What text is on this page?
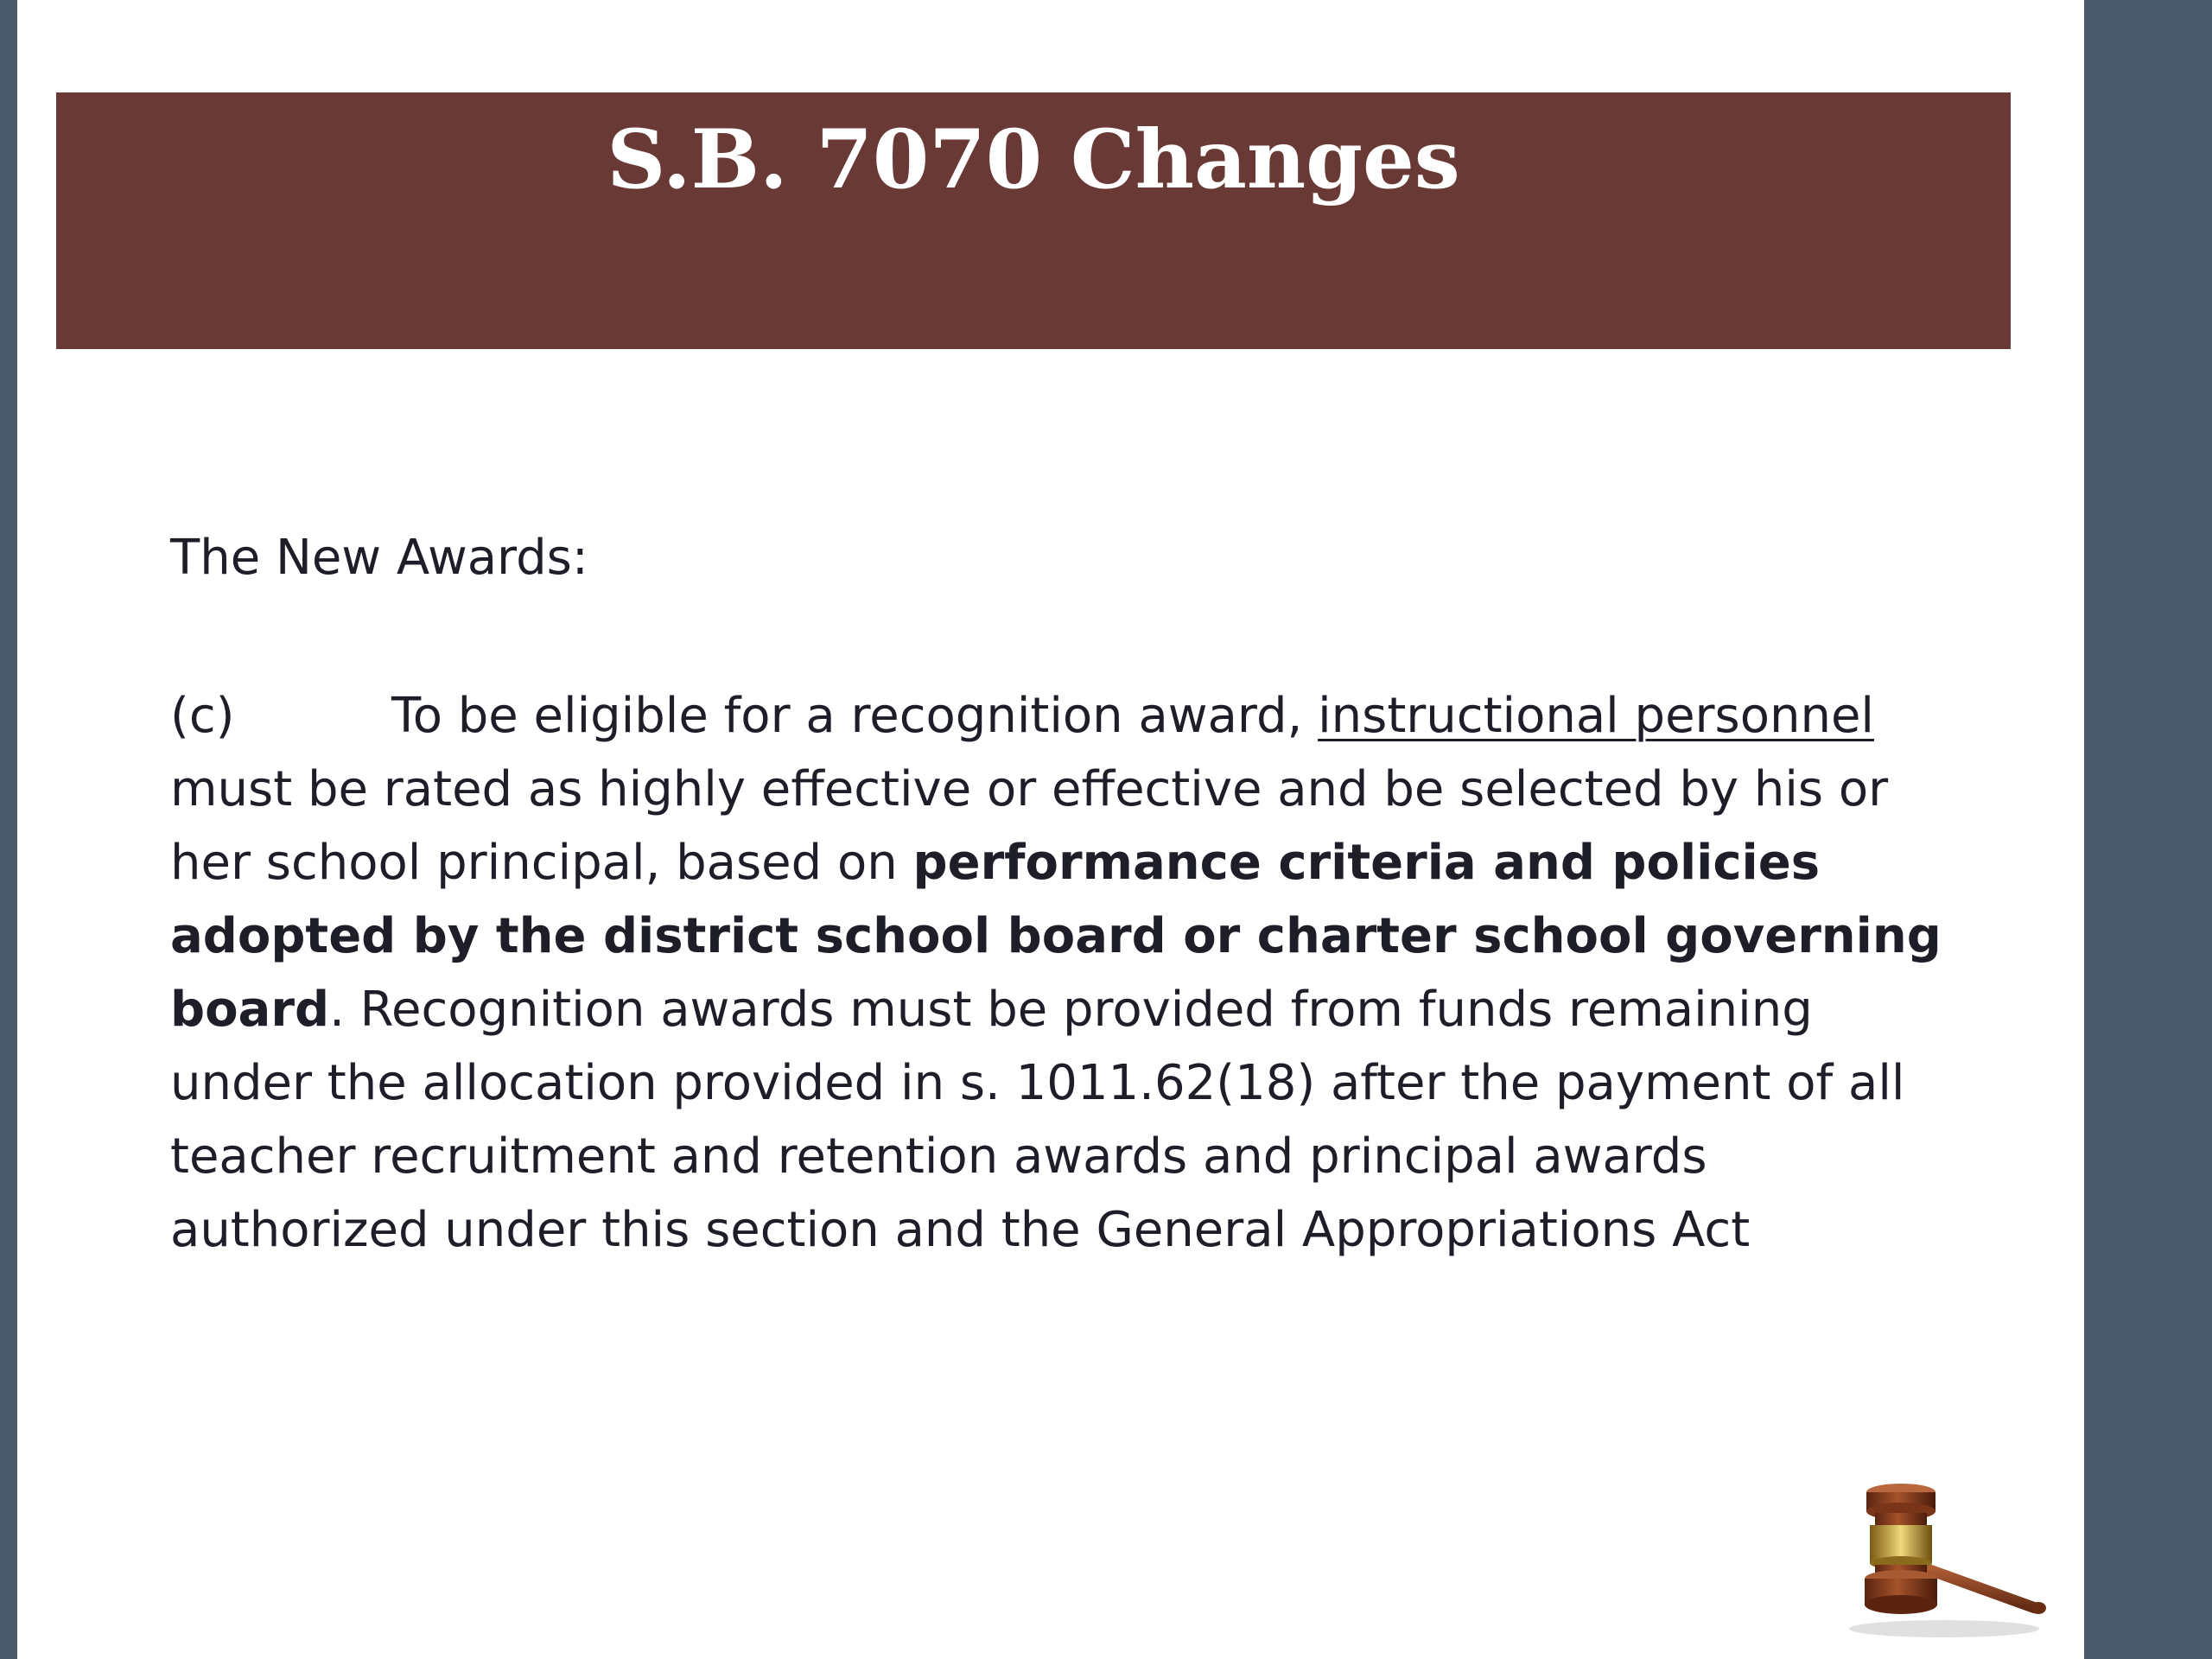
S.B. 7070 Changes

The New Awards:

(c)	To be eligible for a recognition award, instructional personnel
must be rated as highly effective or effective and be selected by his or
her school principal, based on performance criteria and policies
adopted by the district school board or charter school governing
board. Recognition awards must be provided from funds remaining
under the allocation provided in s. 1011.62(18) after the payment of all
teacher recruitment and retention awards and principal awards
authorized under this section and the General Appropriations Act
